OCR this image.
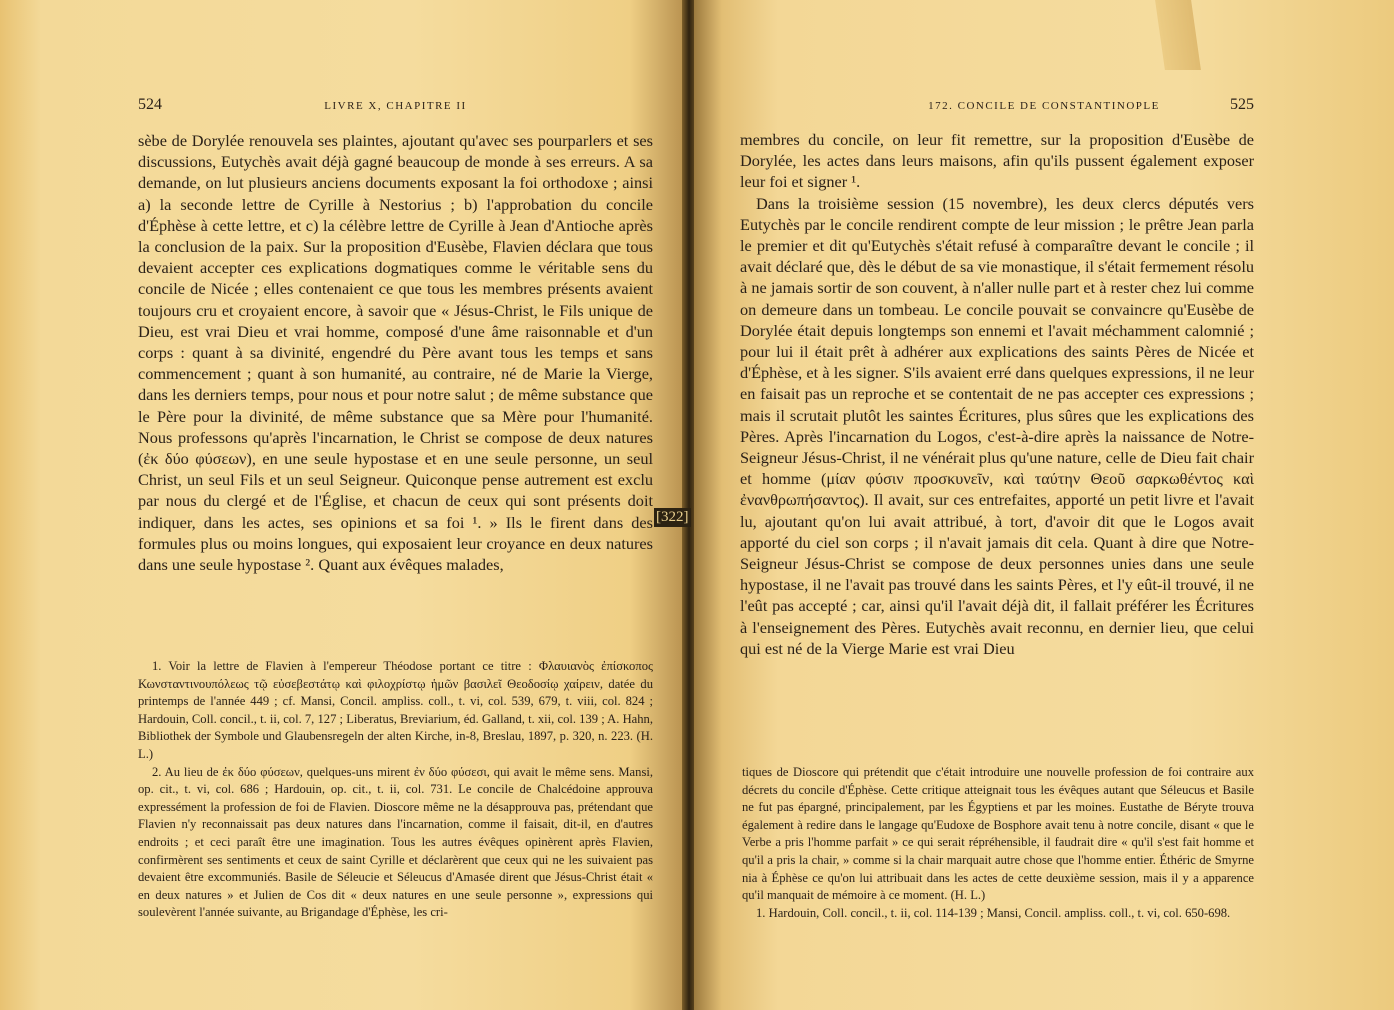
524	LIVRE X, CHAPITRE II

sèbe de Dorylée renouvela ses plaintes, ajoutant qu'avec ses pourparlers et ses discussions, Eutychès avait déjà gagné beaucoup de monde à ses erreurs. A sa demande, on lut plusieurs anciens documents exposant la foi orthodoxe ; ainsi a) la seconde lettre de Cyrille à Nestorius ; b) l'approbation du concile d'Éphèse à cette lettre, et c) la célèbre lettre de Cyrille à Jean d'Antioche après la conclusion de la paix. Sur la proposition d'Eusèbe, Flavien déclara que tous devaient accepter ces explications dogmatiques comme le véritable sens du concile de Nicée ; elles contenaient ce que tous les membres présents avaient toujours cru et croyaient encore, à savoir que « Jésus-Christ, le Fils unique de Dieu, est vrai Dieu et vrai homme, composé d'une âme raisonnable et d'un corps : quant à sa divinité, engendré du Père avant tous les temps et sans commencement ; quant à son humanité, au contraire, né de Marie la Vierge, dans les derniers temps, pour nous et pour notre salut ; de même substance que le Père pour la divinité, de même substance que sa Mère pour l'humanité. Nous professons qu'après l'incarnation, le Christ se compose de deux natures (ἐκ δύο φύσεων), en une seule hypostase et en une seule personne, un seul Christ, un seul Fils et un seul Seigneur. Quiconque pense autrement est exclu par nous du clergé et de l'Église, et chacun de ceux qui sont présents doit indiquer, dans les actes, ses opinions et sa foi ¹. » Ils le firent dans des formules plus ou moins longues, qui exposaient leur croyance en deux natures dans une seule hypostase ². Quant aux évêques malades,

1. Voir la lettre de Flavien à l'empereur Théodose portant ce titre : Φλαυιανὸς ἐπίσκοπος Κωνσταντινουπόλεως τῷ εὐσεβεστάτῳ καὶ φιλοχρίστῳ ἡμῶν βασιλεῖ Θεοδοσίῳ χαίρειν, datée du printemps de l'année 449 ; cf. Mansi, Concil. ampliss. coll., t. vi, col. 539, 679, t. viii, col. 824 ; Hardouin, Coll. concil., t. ii, col. 7, 127 ; Liberatus, Breviarium, éd. Galland, t. xii, col. 139 ; A. Hahn, Bibliothek der Symbole und Glaubensregeln der alten Kirche, in-8, Breslau, 1897, p. 320, n. 223. (H. L.)

2. Au lieu de ἐκ δύο φύσεων, quelques-uns mirent ἐν δύο φύσεσι, qui avait le même sens. Mansi, op. cit., t. vi, col. 686 ; Hardouin, op. cit., t. ii, col. 731. Le concile de Chalcédoine approuva expressément la profession de foi de Flavien. Dioscore même ne la désapprouva pas, prétendant que Flavien n'y reconnaissait pas deux natures dans l'incarnation, comme il faisait, dit-il, en d'autres endroits ; et ceci paraît être une imagination. Tous les autres évêques opinèrent après Flavien, confirmèrent ses sentiments et ceux de saint Cyrille et déclarèrent que ceux qui ne les suivaient pas devaient être excommuniés. Basile de Séleucie et Séleucus d'Amasée dirent que Jésus-Christ était « en deux natures » et Julien de Cos dit « deux natures en une seule personne », expressions qui soulevèrent l'année suivante, au Brigandage d'Éphèse, les cri-

[322]
172. CONCILE DE CONSTANTINOPLE	525
membres du concile, on leur fit remettre, sur la proposition d'Eusèbe de Dorylée, les actes dans leurs maisons, afin qu'ils pussent également exposer leur foi et signer ¹.
Dans la troisième session (15 novembre), les deux clercs députés vers Eutychès par le concile rendirent compte de leur mission ; le prêtre Jean parla le premier et dit qu'Eutychès s'était refusé à comparaître devant le concile ; il avait déclaré que, dès le début de sa vie monastique, il s'était fermement résolu à ne jamais sortir de son couvent, à n'aller nulle part et à rester chez lui comme on demeure dans un tombeau. Le concile pouvait se convaincre qu'Eusèbe de Dorylée était depuis longtemps son ennemi et l'avait méchamment calomnié ; pour lui il était prêt à adhérer aux explications des saints Pères de Nicée et d'Éphèse, et à les signer. S'ils avaient erré dans quelques expressions, il ne leur en faisait pas un reproche et se contentait de ne pas accepter ces expressions ; mais il scrutait plutôt les saintes Écritures, plus sûres que les explications des Pères. Après l'incarnation du Logos, c'est-à-dire après la naissance de Notre-Seigneur Jésus-Christ, il ne vénérait plus qu'une nature, celle de Dieu fait chair et homme (μίαν φύσιν προσκυνεῖν, καὶ ταύτην Θεοῦ σαρκωθέντος καὶ ἐνανθρωπήσαντος). Il avait, sur ces entrefaites, apporté un petit livre et l'avait lu, ajoutant qu'on lui avait attribué, à tort, d'avoir dit que le Logos avait apporté du ciel son corps ; il n'avait jamais dit cela. Quant à dire que Notre-Seigneur Jésus-Christ se compose de deux personnes unies dans une seule hypostase, il ne l'avait pas trouvé dans les saints Pères, et l'y eût-il trouvé, il ne l'eût pas accepté ; car, ainsi qu'il l'avait déjà dit, il fallait préférer les Écritures à l'enseignement des Pères. Eutychès avait reconnu, en dernier lieu, que celui qui est né de la Vierge Marie est vrai Dieu

tiques de Dioscore qui prétendit que c'était introduire une nouvelle profession de foi contraire aux décrets du concile d'Éphèse. Cette critique atteignait tous les évêques autant que Séleucus et Basile ne fut pas épargné, principalement, par les Égyptiens et par les moines. Eustathe de Béryte trouva également à redire dans le langage qu'Eudoxe de Bosphore avait tenu à notre concile, disant « que le Verbe a pris l'homme parfait » ce qui serait répréhensible, il faudrait dire « qu'il s'est fait homme et qu'il a pris la chair, » comme si la chair marquait autre chose que l'homme entier. Éthéric de Smyrne nia à Éphèse ce qu'on lui attribuait dans les actes de cette deuxième session, mais il y a apparence qu'il manquait de mémoire à ce moment. (H. L.)

1. Hardouin, Coll. concil., t. ii, col. 114-139 ; Mansi, Concil. ampliss. coll., t. vi, col. 650-698.
